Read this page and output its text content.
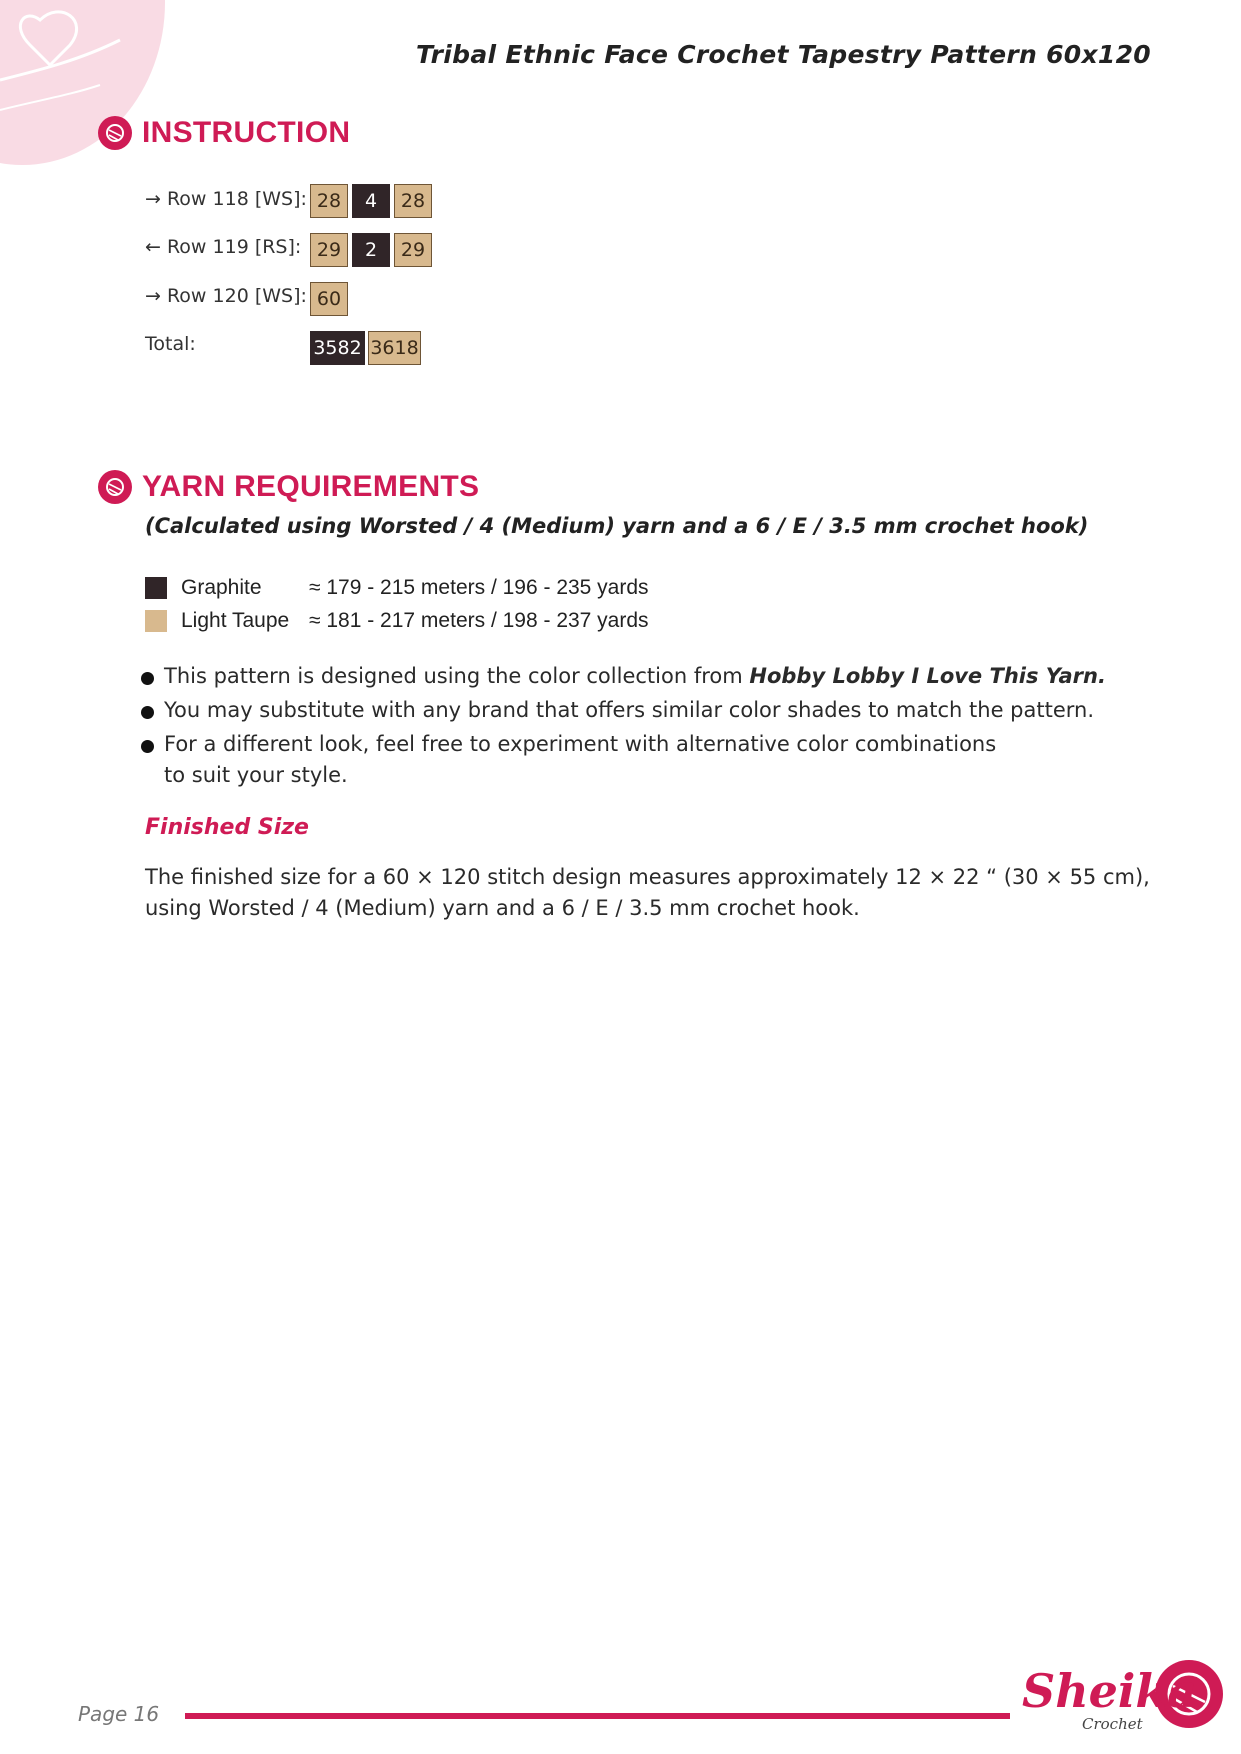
Tribal Ethnic Face Crochet Tapestry Pattern 60x120
INSTRUCTION
→ Row 118 [WS]: 28	4	28
← Row 119 [RS]: 29	2	29
→ Row 120 [WS]: 60
Total:	3582 3618
YARN REQUIREMENTS
(Calculated using Worsted / 4 (Medium) yarn and a 6 / E / 3.5 mm crochet hook)
Graphite	≈ 179 - 215 meters / 196 - 235 yards
Light Taupe ≈ 181 - 217 meters / 198 - 237 yards
This pattern is designed using the color collection from Hobby Lobby I Love This Yarn.
You may substitute with any brand that offers similar color shades to match the pattern.
For a different look, feel free to experiment with alternative color combinations
to suit your style.
Finished Size
The finished size for a 60 × 120 stitch design measures approximately 12 × 22 “ (30 × 55 cm),
using Worsted / 4 (Medium) yarn and a 6 / E / 3.5 mm crochet hook.
Page 16	Sheika
Crochet
